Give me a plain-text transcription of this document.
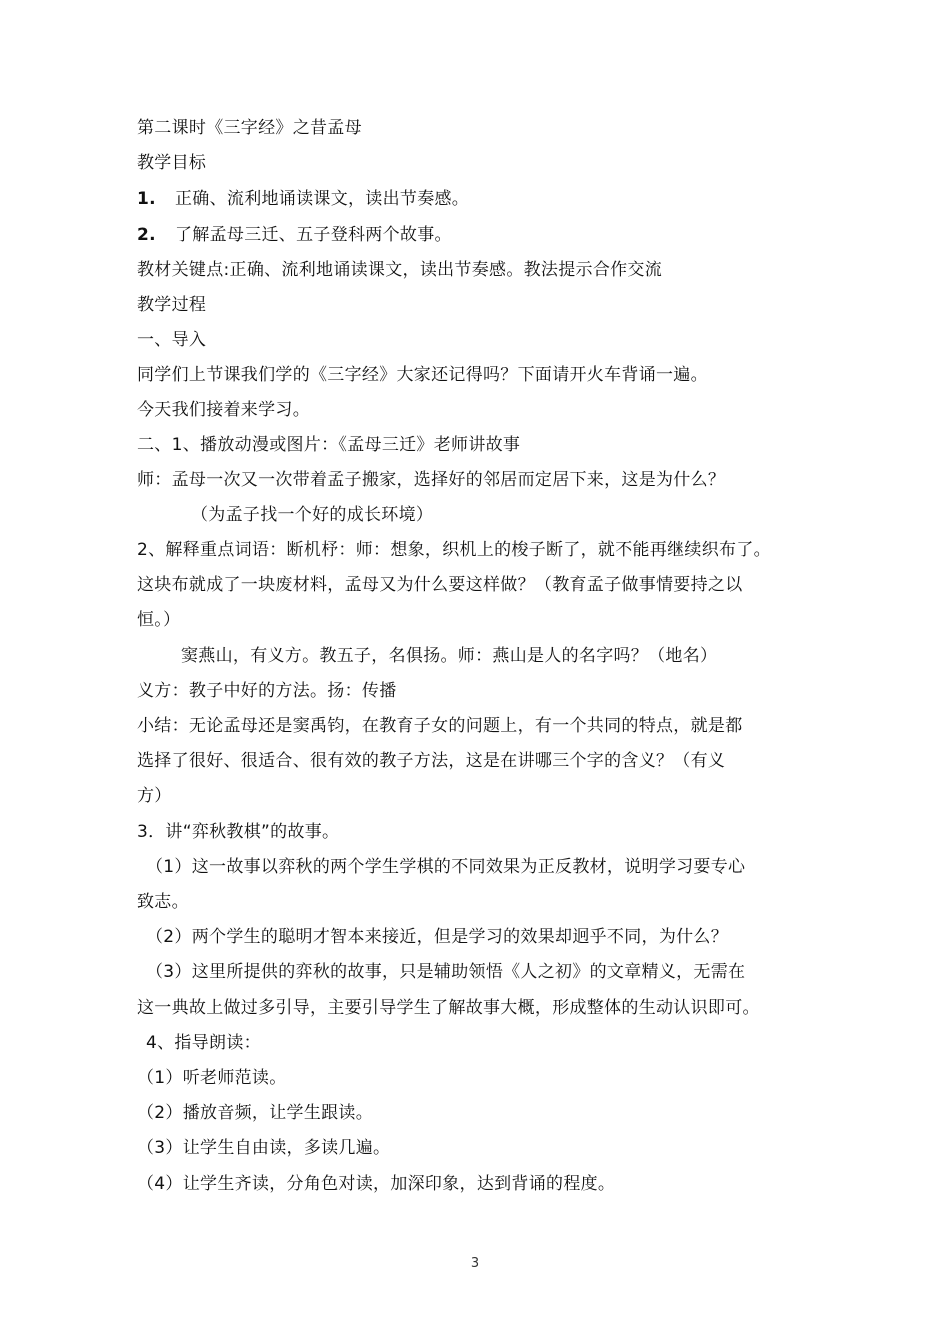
第二课时《三字经》之昔孟母
教学目标
1. 正确、流利地诵读课文，读出节奏感。
2. 了解孟母三迁、五子登科两个故事。
教材关键点:正确、流利地诵读课文，读出节奏感。教法提示合作交流
教学过程
一、导入
同学们上节课我们学的《三字经》大家还记得吗？下面请开火车背诵一遍。
今天我们接着来学习。
二、1、播放动漫或图片：《孟母三迁》老师讲故事
师：孟母一次又一次带着孟子搬家，选择好的邻居而定居下来，这是为什么？
（为孟子找一个好的成长环境）
2、解释重点词语：断机杼：师：想象，织机上的梭子断了，就不能再继续织布了。
这块布就成了一块废材料，孟母又为什么要这样做？（教育孟子做事情要持之以
恒。）
窦燕山，有义方。教五子，名俱扬。师：燕山是人的名字吗？（地名）
义方：教子中好的方法。扬：传播
小结：无论孟母还是窦禹钧，在教育子女的问题上，有一个共同的特点，就是都
选择了很好、很适合、很有效的教子方法，这是在讲哪三个字的含义？（有义
方）
3．讲“弈秋教棋”的故事。
（1）这一故事以弈秋的两个学生学棋的不同效果为正反教材，说明学习要专心
致志。
（2）两个学生的聪明才智本来接近，但是学习的效果却迥乎不同，为什么？
（3）这里所提供的弈秋的故事，只是辅助领悟《人之初》的文章精义，无需在
这一典故上做过多引导，主要引导学生了解故事大概，形成整体的生动认识即可。
4、指导朗读：
（1）听老师范读。
（2）播放音频，让学生跟读。
（3）让学生自由读，多读几遍。
（4）让学生齐读，分角色对读，加深印象，达到背诵的程度。
3
